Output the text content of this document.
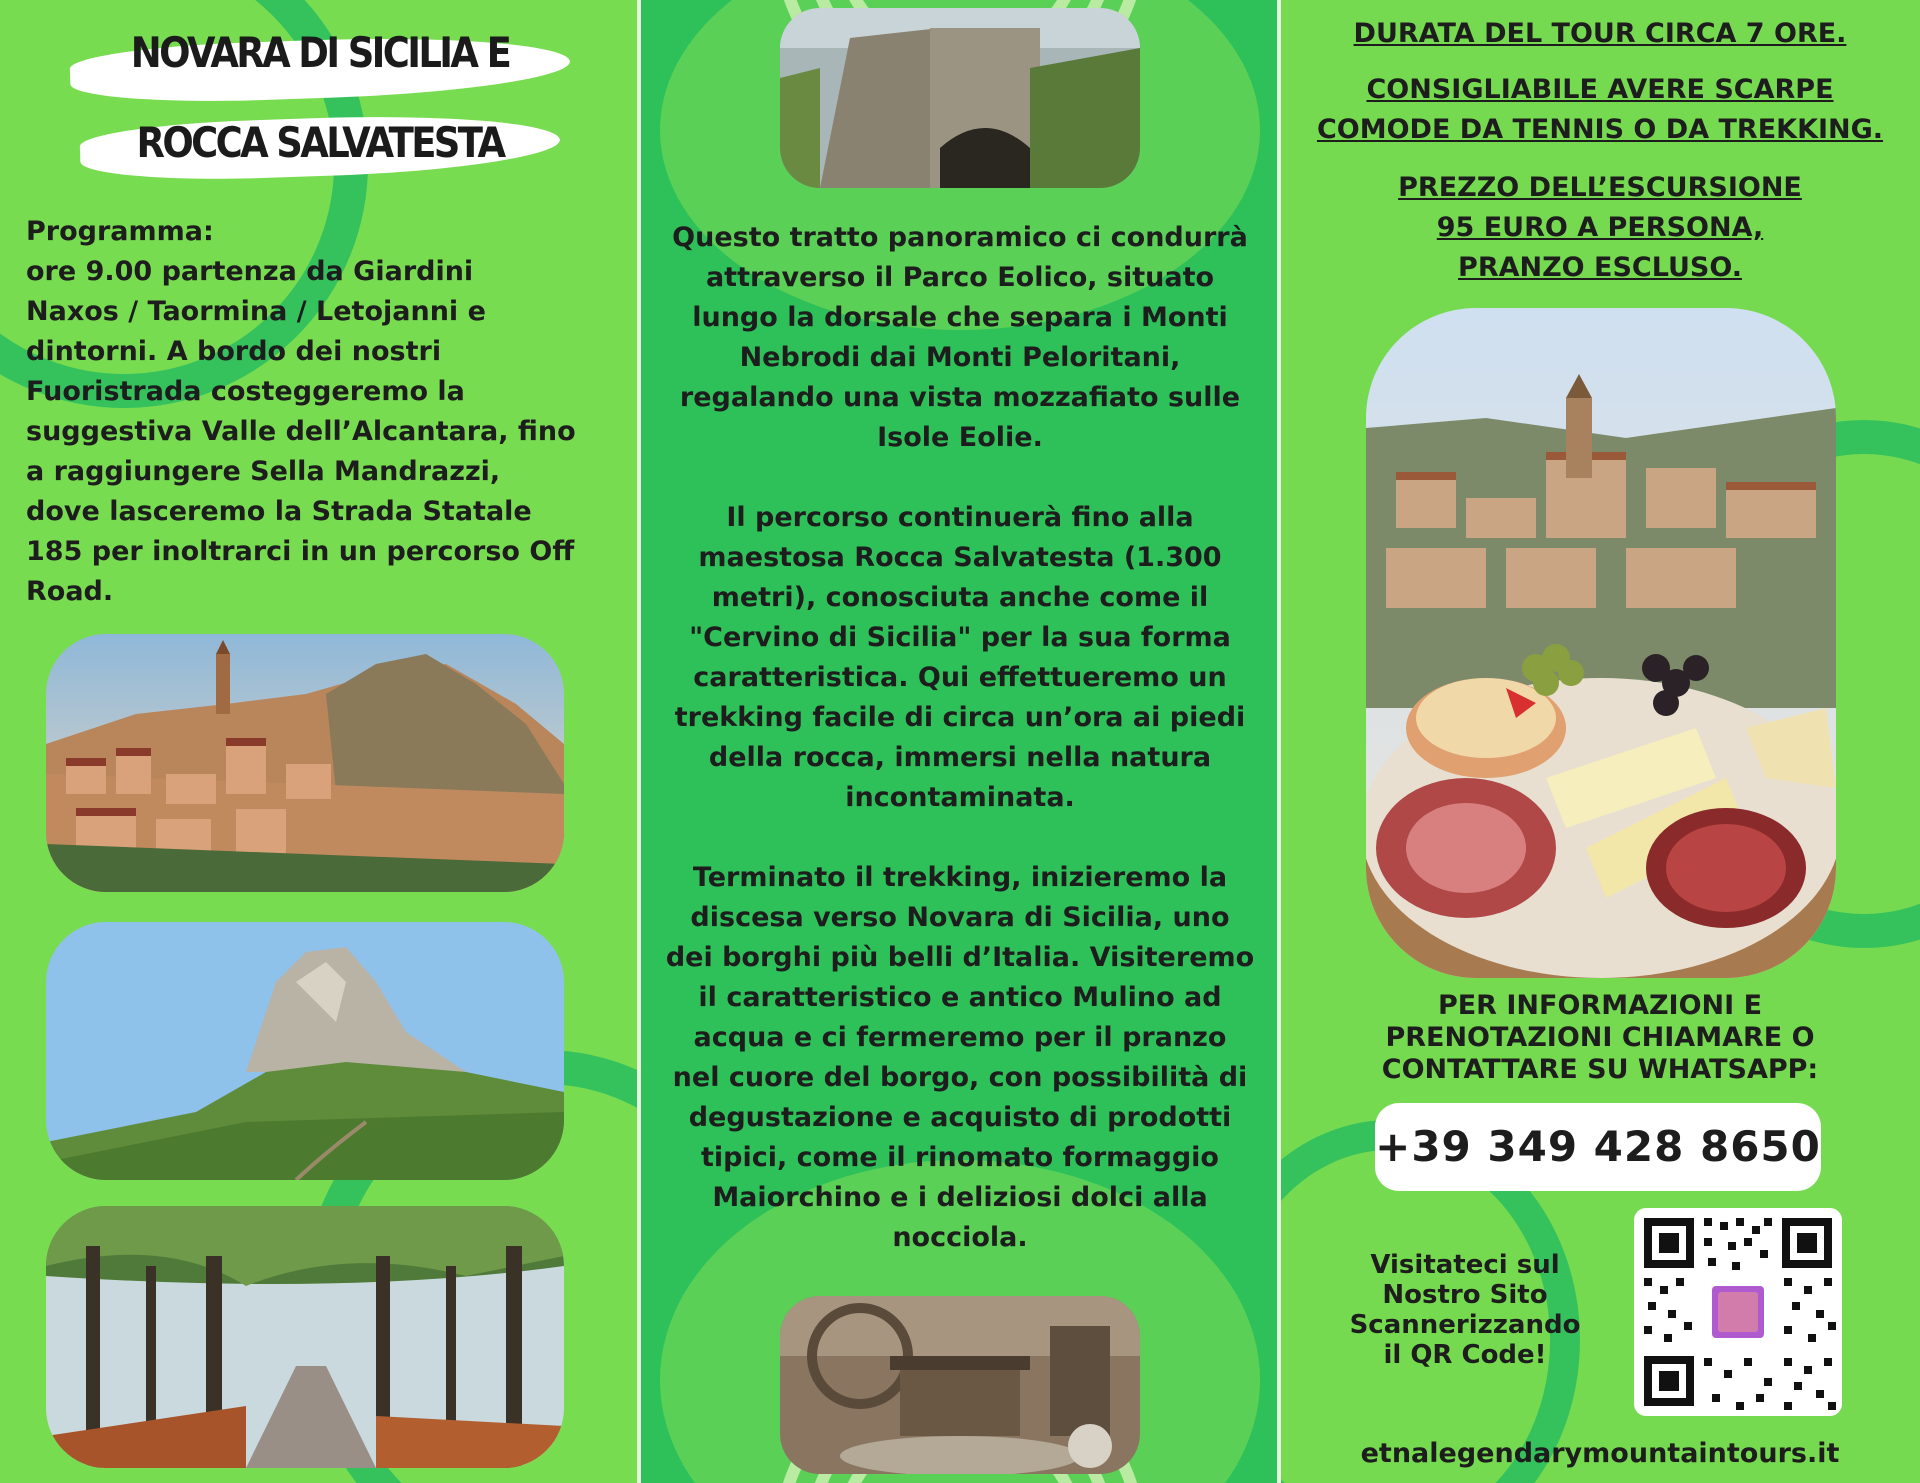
NOVARA DI SICILIA E
ROCCA SALVATESTA
Programma:
ore 9.00 partenza da Giardini
Naxos / Taormina / Letojanni e
dintorni. A bordo dei nostri
Fuoristrada costeggeremo la
suggestiva Valle dell’Alcantara, fino
a raggiungere Sella Mandrazzi,
dove lasceremo la Strada Statale
185 per inoltrarci in un percorso Off
Road.
Questo tratto panoramico ci condurrà
attraverso il Parco Eolico, situato
lungo la dorsale che separa i Monti
Nebrodi dai Monti Peloritani,
regalando una vista mozzafiato sulle
Isole Eolie.
Il percorso continuerà fino alla
maestosa Rocca Salvatesta (1.300
metri), conosciuta anche come il
"Cervino di Sicilia" per la sua forma
caratteristica. Qui effettueremo un
trekking facile di circa un’ora ai piedi
della rocca, immersi nella natura
incontaminata.
Terminato il trekking, inizieremo la
discesa verso Novara di Sicilia, uno
dei borghi più belli d’Italia. Visiteremo
il caratteristico e antico Mulino ad
acqua e ci fermeremo per il pranzo
nel cuore del borgo, con possibilità di
degustazione e acquisto di prodotti
tipici, come il rinomato formaggio
Maiorchino e i deliziosi dolci alla
nocciola.
DURATA DEL TOUR CIRCA 7 ORE.
CONSIGLIABILE AVERE SCARPE
COMODE DA TENNIS O DA TREKKING.
PREZZO DELL’ESCURSIONE
95 EURO A PERSONA,
PRANZO ESCLUSO.
PER INFORMAZIONI E
PRENOTAZIONI CHIAMARE O
CONTATTARE SU WHATSAPP:
+39 349 428 8650
Visitateci sul
Nostro Sito
Scannerizzando
il QR Code!
etnalegendarymountaintours.it
